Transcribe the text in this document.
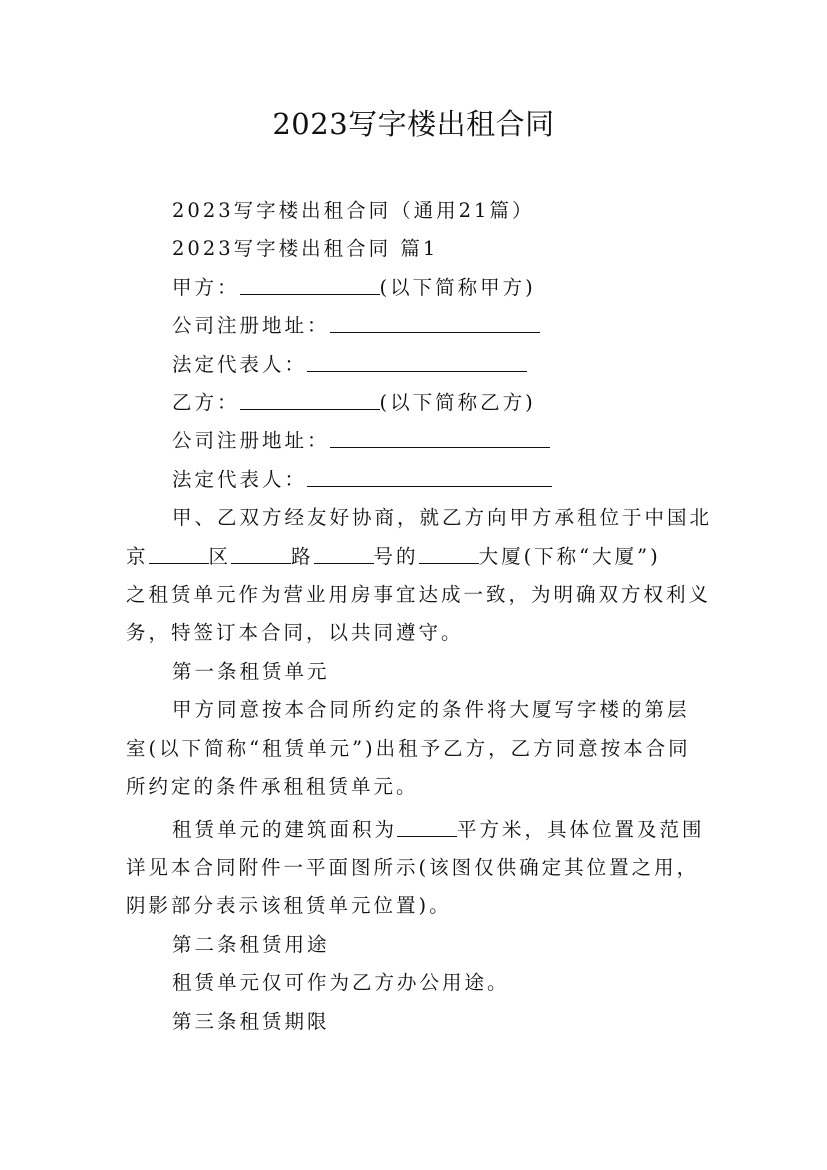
2023写字楼出租合同

2023写字楼出租合同（通用21篇）

2023写字楼出租合同 篇1

甲方：	(以下简称甲方)

公司注册地址：

法定代表人：

乙方：	(以下简称乙方)

公司注册地址：

法定代表人：

甲、乙双方经友好协商，就乙方向甲方承租位于中国北

京	区	路	号的	大厦(下称“大厦”)

之租赁单元作为营业用房事宜达成一致，为明确双方权利义

务，特签订本合同，以共同遵守。

第一条租赁单元

甲方同意按本合同所约定的条件将大厦写字楼的第层

室(以下简称“租赁单元”)出租予乙方，乙方同意按本合同

所约定的条件承租租赁单元。

租赁单元的建筑面积为	平方米，具体位置及范围

详见本合同附件一平面图所示(该图仅供确定其位置之用，

阴影部分表示该租赁单元位置)。

第二条租赁用途

租赁单元仅可作为乙方办公用途。

第三条租赁期限
